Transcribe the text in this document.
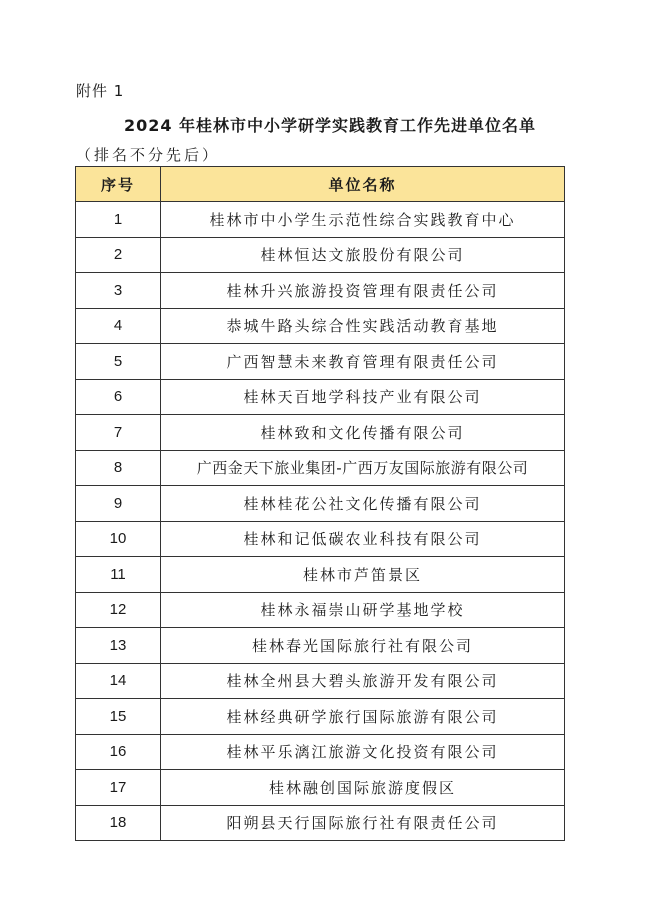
附件 1
2024 年桂林市中小学研学实践教育工作先进单位名单
（排名不分先后）
序号	单位名称
1	桂林市中小学生示范性综合实践教育中心
2	桂林恒达文旅股份有限公司
3	桂林升兴旅游投资管理有限责任公司
4	恭城牛路头综合性实践活动教育基地
5	广西智慧未来教育管理有限责任公司
6	桂林天百地学科技产业有限公司
7	桂林致和文化传播有限公司
8	广西金天下旅业集团-广西万友国际旅游有限公司
9	桂林桂花公社文化传播有限公司
10	桂林和记低碳农业科技有限公司
11	桂林市芦笛景区
12	桂林永福崇山研学基地学校
13	桂林春光国际旅行社有限公司
14	桂林全州县大碧头旅游开发有限公司
15	桂林经典研学旅行国际旅游有限公司
16	桂林平乐漓江旅游文化投资有限公司
17	桂林融创国际旅游度假区
18	阳朔县天行国际旅行社有限责任公司
